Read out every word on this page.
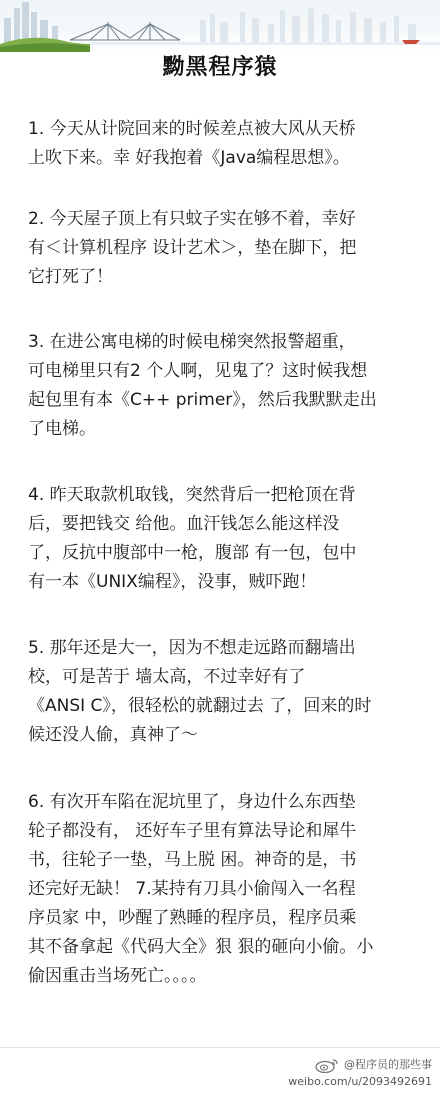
黝黑程序猿

1. 今天从计院回来的时候差点被大风从天桥

上吹下来。幸 好我抱着《Java编程思想》。

2. 今天屋子顶上有只蚊子实在够不着，幸好

有＜计算机程序 设计艺术＞，垫在脚下，把

它打死了！

3. 在进公寓电梯的时候电梯突然报警超重，

可电梯里只有2 个人啊，见鬼了？这时候我想

起包里有本《C++ primer》，然后我默默走出

了电梯。

4. 昨天取款机取钱，突然背后一把枪顶在背

后，要把钱交 给他。血汗钱怎么能这样没

了，反抗中腹部中一枪，腹部 有一包，包中

有一本《UNIX编程》，没事，贼吓跑！

5. 那年还是大一，因为不想走远路而翻墙出

校，可是苦于 墙太高，不过幸好有了

《ANSI C》，很轻松的就翻过去 了，回来的时

候还没人偷，真神了～

6. 有次开车陷在泥坑里了，身边什么东西垫

轮子都没有， 还好车子里有算法导论和犀牛

书，往轮子一垫，马上脱 困。神奇的是，书

还完好无缺！ 7.某持有刀具小偷闯入一名程

序员家 中，吵醒了熟睡的程序员，程序员乘

其不备拿起《代码大全》狠 狠的砸向小偷。小

偷因重击当场死亡。。。。

@程序员的那些事
weibo.com/u/2093492691
